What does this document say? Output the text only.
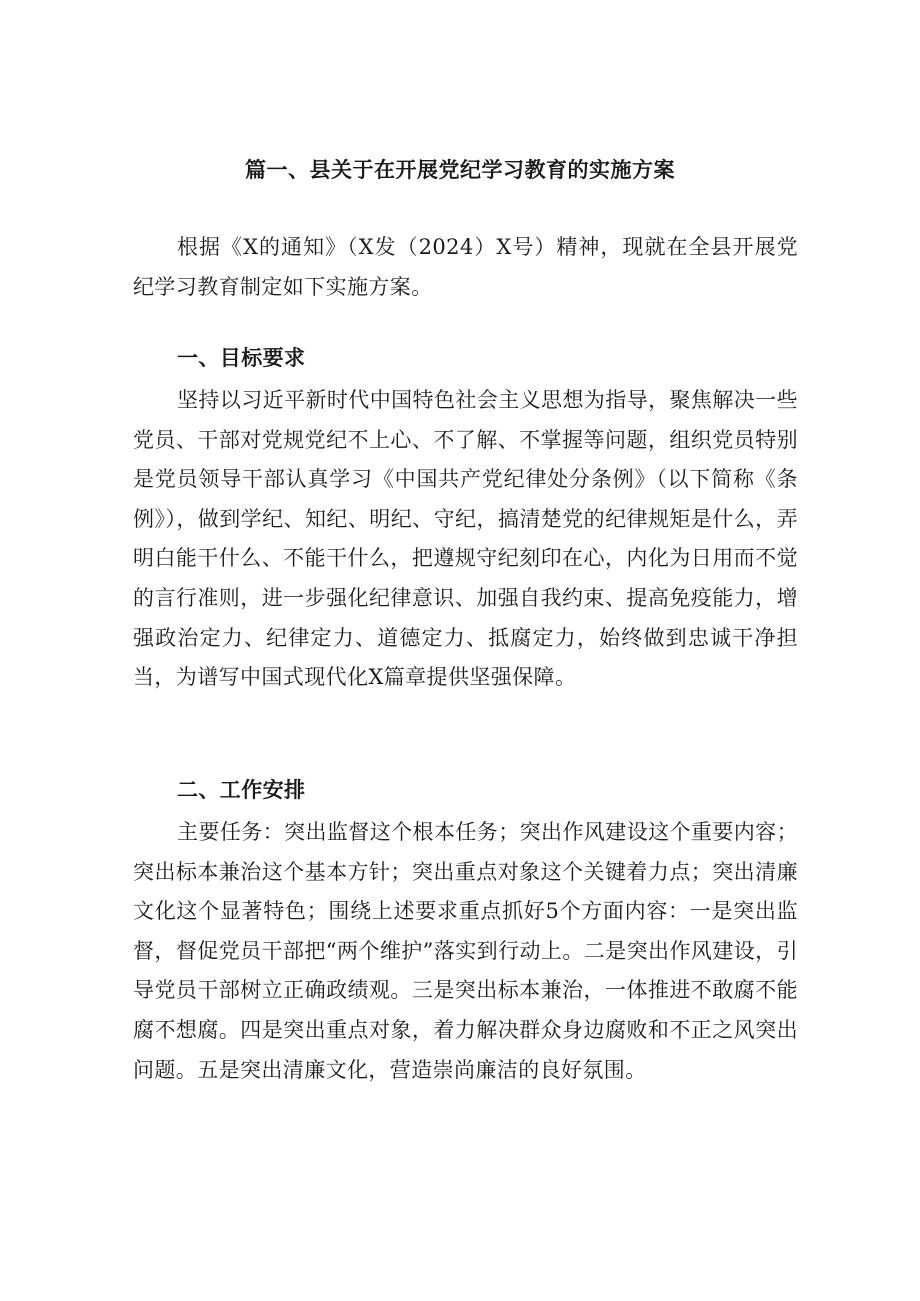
篇一、县关于在开展党纪学习教育的实施方案

根据《X的通知》（X发（2024）X号）精神，现就在全县开展党纪学习教育制定如下实施方案。

一、目标要求

坚持以习近平新时代中国特色社会主义思想为指导，聚焦解决一些党员、干部对党规党纪不上心、不了解、不掌握等问题，组织党员特别是党员领导干部认真学习《中国共产党纪律处分条例》（以下简称《条例》），做到学纪、知纪、明纪、守纪，搞清楚党的纪律规矩是什么，弄明白能干什么、不能干什么，把遵规守纪刻印在心，内化为日用而不觉的言行准则，进一步强化纪律意识、加强自我约束、提高免疫能力，增强政治定力、纪律定力、道德定力、抵腐定力，始终做到忠诚干净担当，为谱写中国式现代化X篇章提供坚强保障。

二、工作安排

主要任务：突出监督这个根本任务；突出作风建设这个重要内容；突出标本兼治这个基本方针；突出重点对象这个关键着力点；突出清廉文化这个显著特色；围绕上述要求重点抓好5个方面内容：一是突出监督，督促党员干部把“两个维护”落实到行动上。二是突出作风建设，引导党员干部树立正确政绩观。三是突出标本兼治，一体推进不敢腐不能腐不想腐。四是突出重点对象，着力解决群众身边腐败和不正之风突出问题。五是突出清廉文化，营造崇尚廉洁的良好氛围。
